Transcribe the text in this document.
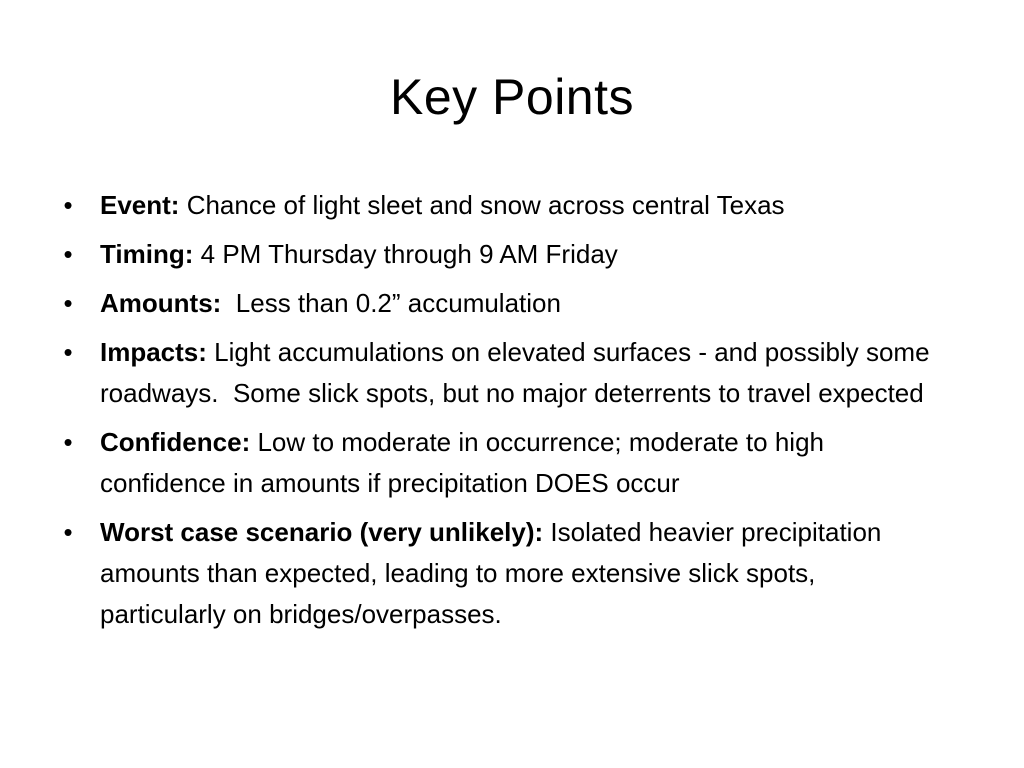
Key Points
• Event: Chance of light sleet and snow across central Texas
• Timing: 4 PM Thursday through 9 AM Friday
• Amounts:  Less than 0.2” accumulation
• Impacts: Light accumulations on elevated surfaces - and possibly some roadways.  Some slick spots, but no major deterrents to travel expected
• Confidence: Low to moderate in occurrence; moderate to high confidence in amounts if precipitation DOES occur
• Worst case scenario (very unlikely): Isolated heavier precipitation amounts than expected, leading to more extensive slick spots, particularly on bridges/overpasses.
